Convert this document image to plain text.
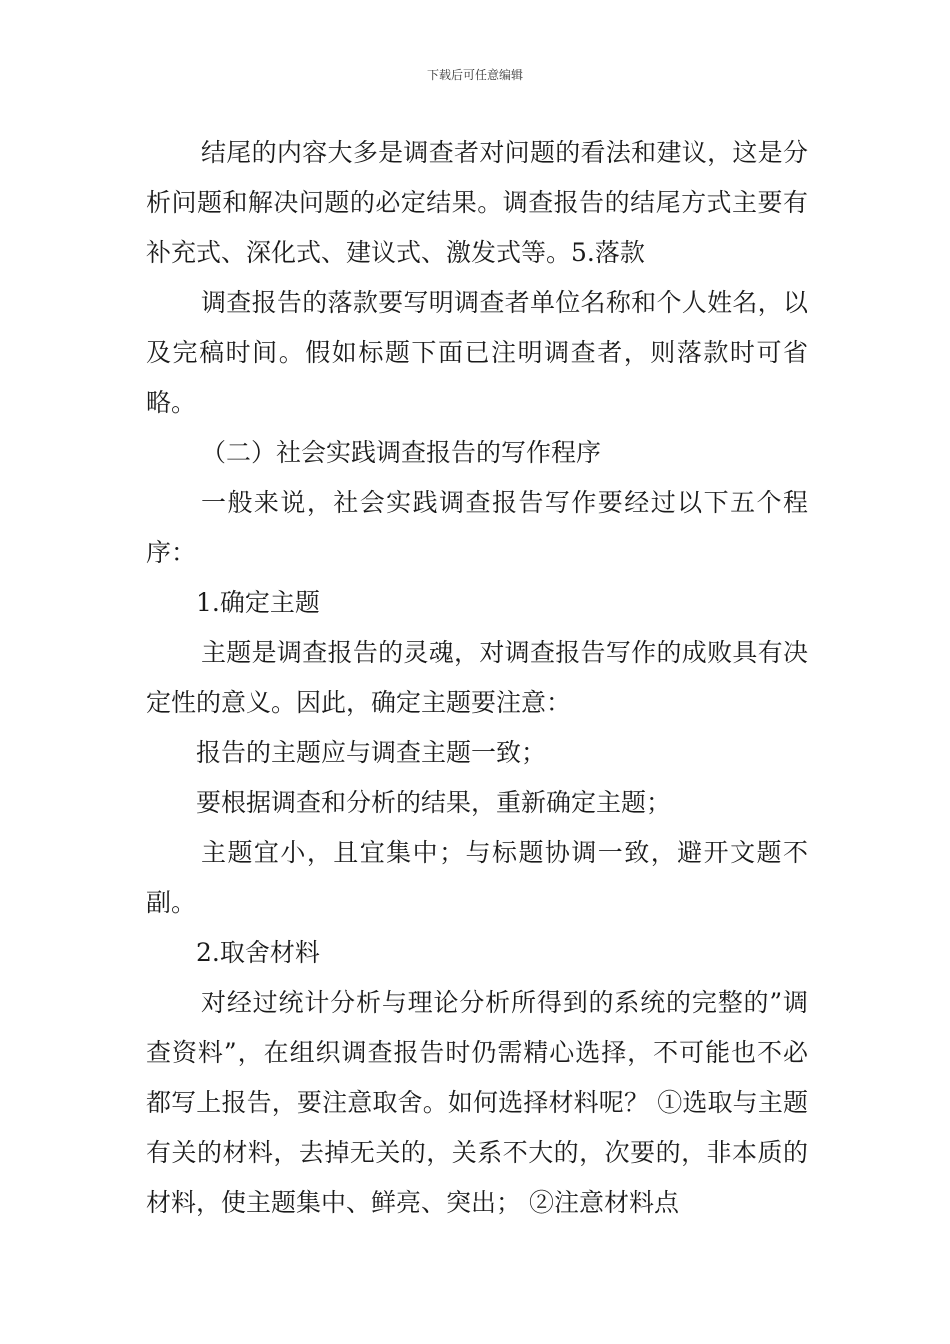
下载后可任意编辑

结尾的内容大多是调查者对问题的看法和建议，这是分析问题和解决问题的必定结果。调查报告的结尾方式主要有补充式、深化式、建议式、激发式等。5.落款

调查报告的落款要写明调查者单位名称和个人姓名，以及完稿时间。假如标题下面已注明调查者，则落款时可省略。

（二）社会实践调查报告的写作程序

一般来说，社会实践调查报告写作要经过以下五个程序：

1.确定主题

主题是调查报告的灵魂，对调查报告写作的成败具有决定性的意义。因此，确定主题要注意：

报告的主题应与调查主题一致；

要根据调查和分析的结果，重新确定主题；

主题宜小，且宜集中；与标题协调一致，避开文题不副。

2.取舍材料

对经过统计分析与理论分析所得到的系统的完整的”调查资料”，在组织调查报告时仍需精心选择，不可能也不必都写上报告，要注意取舍。如何选择材料呢？ ①选取与主题有关的材料，去掉无关的，关系不大的，次要的，非本质的材料，使主题集中、鲜亮、突出； ②注意材料点
